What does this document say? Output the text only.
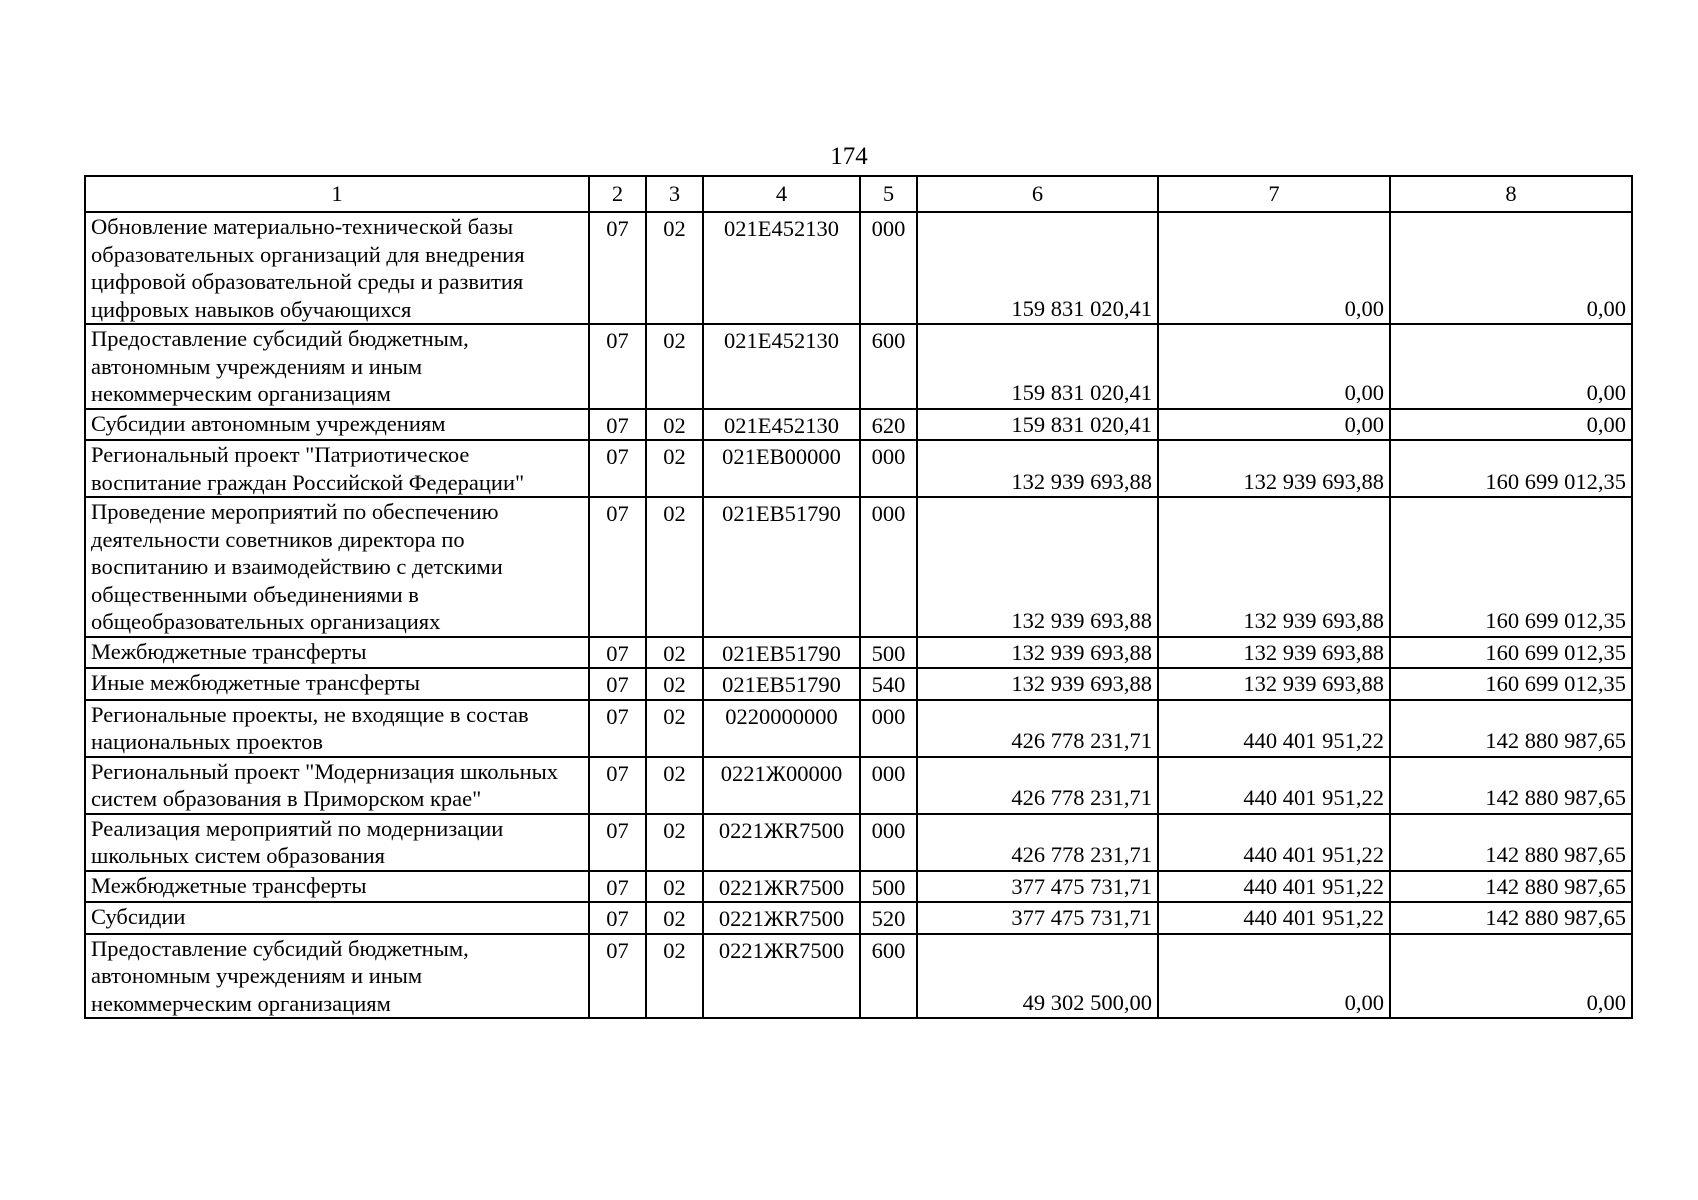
174
1	2	3	4	5	6	7	8
Обновление материально-технической базы образовательных организаций для внедрения цифровой образовательной среды и развития цифровых навыков обучающихся	07	02	021E452130	000	159 831 020,41	0,00	0,00
Предоставление субсидий бюджетным, автономным учреждениям и иным некоммерческим организациям	07	02	021E452130	600	159 831 020,41	0,00	0,00
Субсидии автономным учреждениям	07	02	021E452130	620	159 831 020,41	0,00	0,00
Региональный проект "Патриотическое воспитание граждан Российской Федерации"	07	02	021EB00000	000	132 939 693,88	132 939 693,88	160 699 012,35
Проведение мероприятий по обеспечению деятельности советников директора по воспитанию и взаимодействию с детскими общественными объединениями в общеобразовательных организациях	07	02	021EB51790	000	132 939 693,88	132 939 693,88	160 699 012,35
Межбюджетные трансферты	07	02	021EB51790	500	132 939 693,88	132 939 693,88	160 699 012,35
Иные межбюджетные трансферты	07	02	021EB51790	540	132 939 693,88	132 939 693,88	160 699 012,35
Региональные проекты, не входящие в состав национальных проектов	07	02	0220000000	000	426 778 231,71	440 401 951,22	142 880 987,65
Региональный проект "Модернизация школьных систем образования в Приморском крае"	07	02	0221Ж00000	000	426 778 231,71	440 401 951,22	142 880 987,65
Реализация мероприятий по модернизации школьных систем образования	07	02	0221ЖR7500	000	426 778 231,71	440 401 951,22	142 880 987,65
Межбюджетные трансферты	07	02	0221ЖR7500	500	377 475 731,71	440 401 951,22	142 880 987,65
Субсидии	07	02	0221ЖR7500	520	377 475 731,71	440 401 951,22	142 880 987,65
Предоставление субсидий бюджетным, автономным учреждениям и иным некоммерческим организациям	07	02	0221ЖR7500	600	49 302 500,00	0,00	0,00
